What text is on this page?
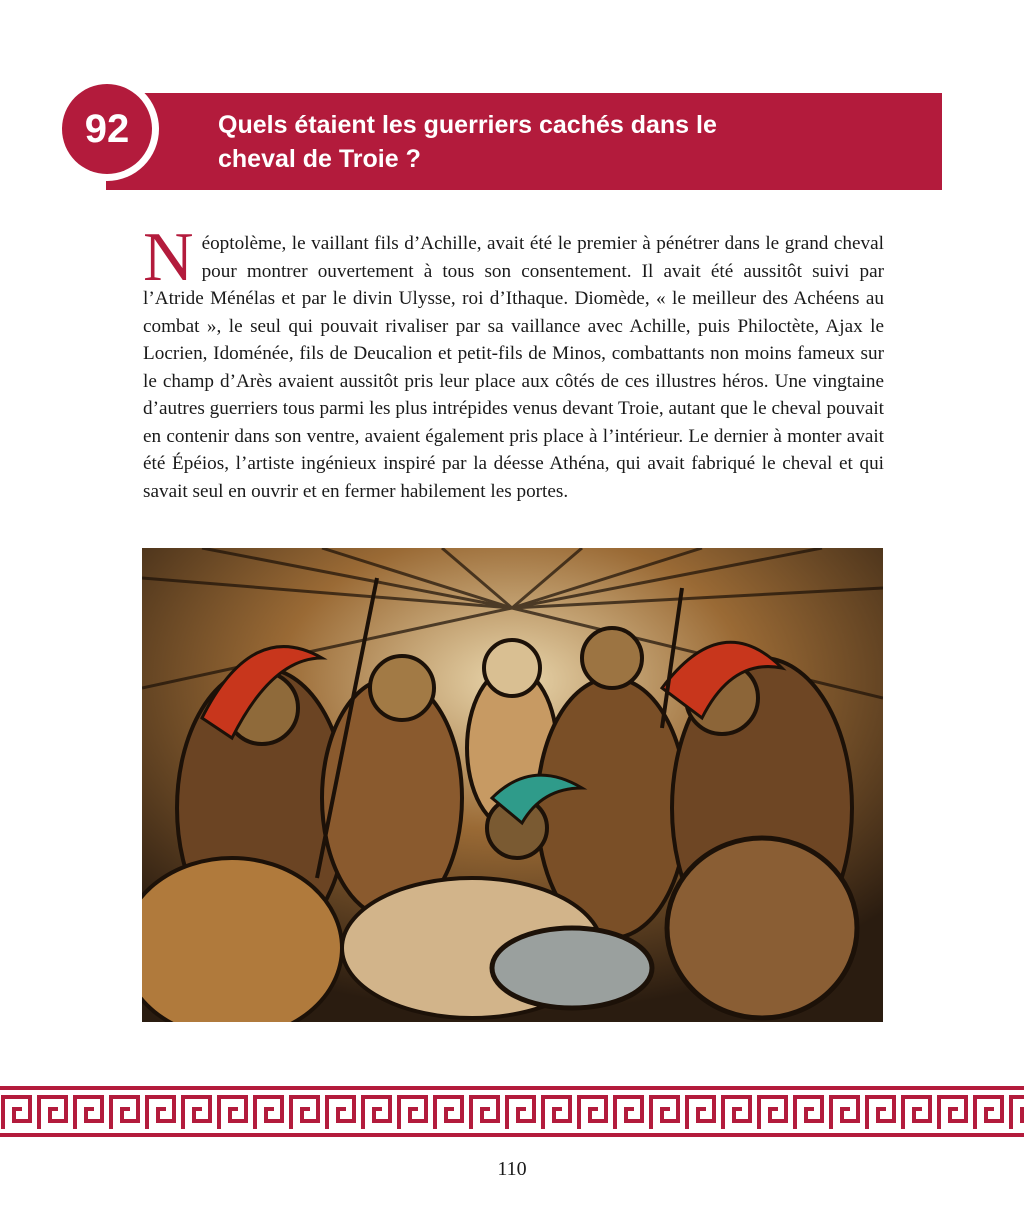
92	Quels étaient les guerriers cachés dans le
cheval de Troie ?

Néoptolème, le vaillant fils d’Achille, avait été le premier à pénétrer dans le grand cheval pour montrer ouvertement à tous son consentement. Il avait été aussitôt suivi par l’Atride Ménélas et par le divin Ulysse, roi d’Ithaque. Diomède, « le meilleur des Achéens au combat », le seul qui pouvait rivaliser par sa vaillance avec Achille, puis Philoctète, Ajax le Locrien, Idoménée, fils de Deucalion et petit-fils de Minos, combattants non moins fameux sur le champ d’Arès avaient aussitôt pris leur place aux côtés de ces illustres héros. Une vingtaine d’autres guerriers tous parmi les plus intrépides venus devant Troie, autant que le cheval pouvait en contenir dans son ventre, avaient également pris place à l’intérieur. Le dernier à monter avait été Épéios, l’artiste ingénieux inspiré par la déesse Athéna, qui avait fabriqué le cheval et qui savait seul en ouvrir et en fermer habilement les portes.

110
